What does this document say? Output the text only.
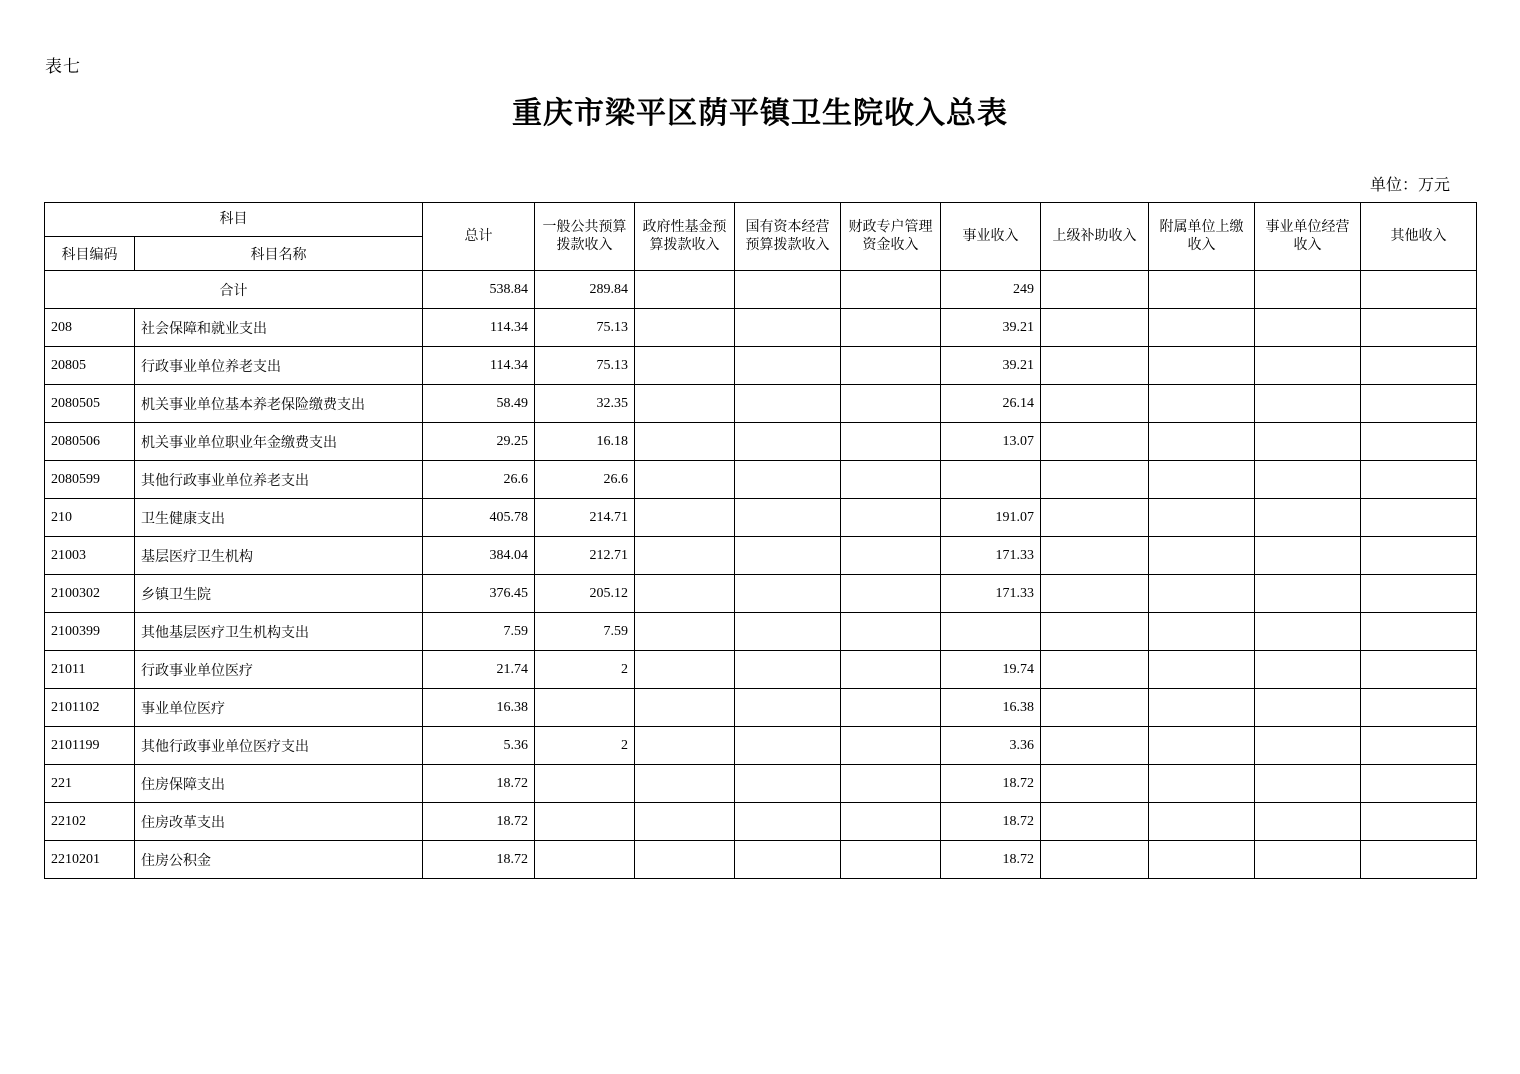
表七
重庆市梁平区荫平镇卫生院收入总表
单位：万元
科目		总计	一般公共预算拨款收入	政府性基金预算拨款收入	国有资本经营预算拨款收入	财政专户管理资金收入	事业收入	上级补助收入	附属单位上缴收入	事业单位经营收入	其他收入
科目编码	科目名称										
合计		538.84	289.84				249				
208	社会保障和就业支出	114.34	75.13				39.21				
20805	行政事业单位养老支出	114.34	75.13				39.21				
2080505	机关事业单位基本养老保险缴费支出	58.49	32.35				26.14				
2080506	机关事业单位职业年金缴费支出	29.25	16.18				13.07				
2080599	其他行政事业单位养老支出	26.6	26.6								
210	卫生健康支出	405.78	214.71				191.07				
21003	基层医疗卫生机构	384.04	212.71				171.33				
2100302	乡镇卫生院	376.45	205.12				171.33				
2100399	其他基层医疗卫生机构支出	7.59	7.59								
21011	行政事业单位医疗	21.74	2				19.74				
2101102	事业单位医疗	16.38					16.38				
2101199	其他行政事业单位医疗支出	5.36	2				3.36				
221	住房保障支出	18.72					18.72				
22102	住房改革支出	18.72					18.72				
2210201	住房公积金	18.72					18.72				
